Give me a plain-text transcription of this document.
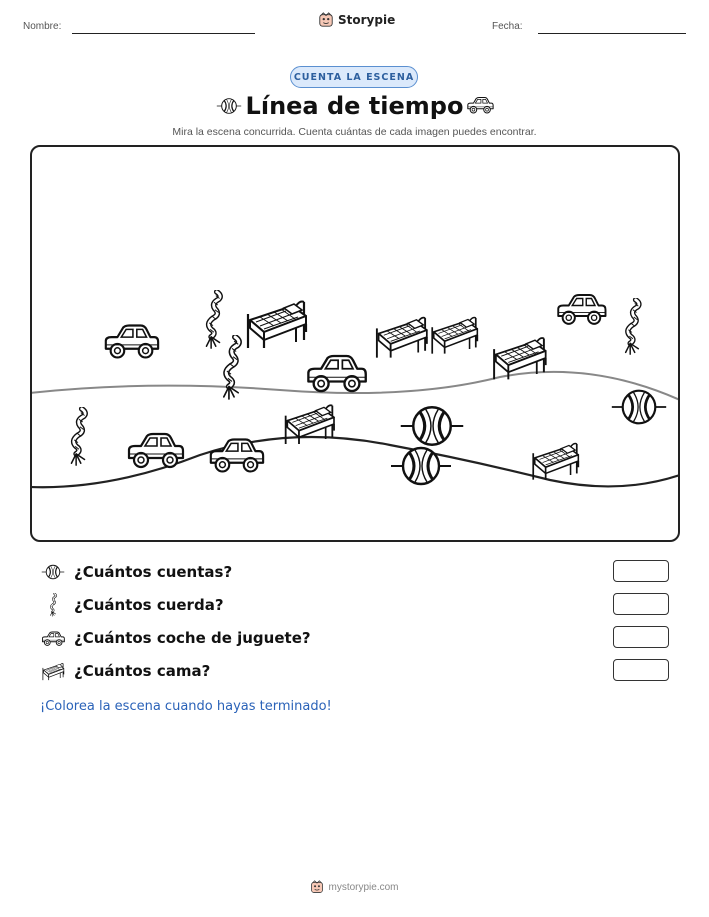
Nombre:	Storypie	Fecha:
CUENTA LA ESCENA
Línea de tiempo
Mira la escena concurrida. Cuenta cuántas de cada imagen puedes encontrar.
¿Cuántos cuentas?
¿Cuántos cuerda?
¿Cuántos coche de juguete?
¿Cuántos cama?
¡Colorea la escena cuando hayas terminado!
mystorypie.com
